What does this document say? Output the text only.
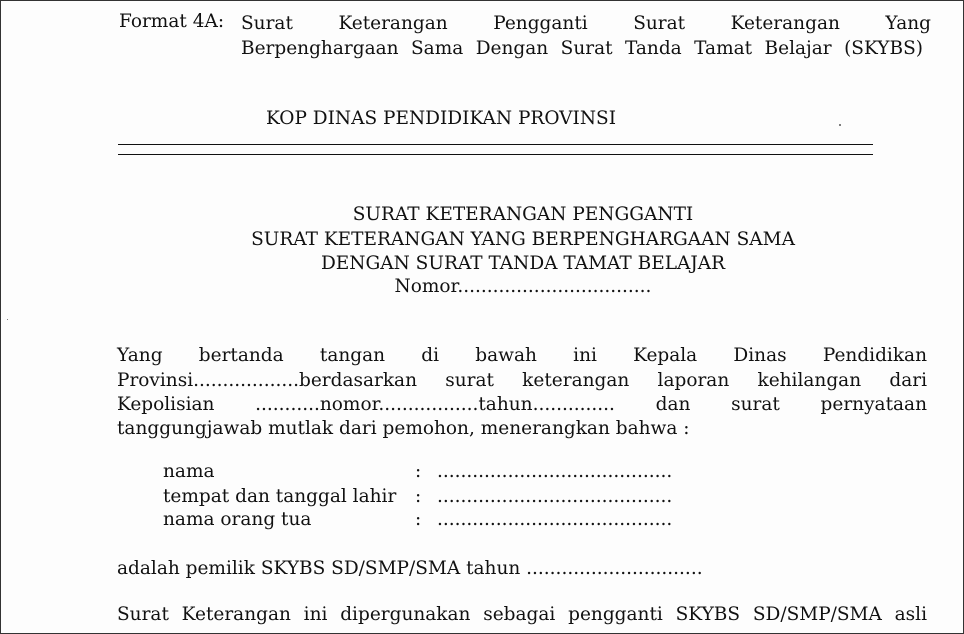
Format 4A: Surat Keterangan Pengganti Surat Keterangan Yang
Berpenghargaan Sama Dengan Surat Tanda Tamat Belajar (SKYBS)
KOP DINAS PENDIDIKAN PROVINSI
SURAT KETERANGAN PENGGANTI
SURAT KETERANGAN YANG BERPENGHARGAAN SAMA
DENGAN SURAT TANDA TAMAT BELAJAR
Nomor.................................
Yang bertanda tangan di bawah ini Kepala Dinas Pendidikan
Provinsi..................berdasarkan surat keterangan laporan kehilangan dari
Kepolisian ...........nomor.................tahun.............. dan surat pernyataan
tanggungjawab mutlak dari pemohon, menerangkan bahwa :
nama	: ........................................
tempat dan tanggal lahir : ........................................
nama orang tua	: ........................................
adalah pemilik SKYBS SD/SMP/SMA tahun ..............................
Surat Keterangan ini dipergunakan sebagai pengganti SKYBS SD/SMP/SMA asli
